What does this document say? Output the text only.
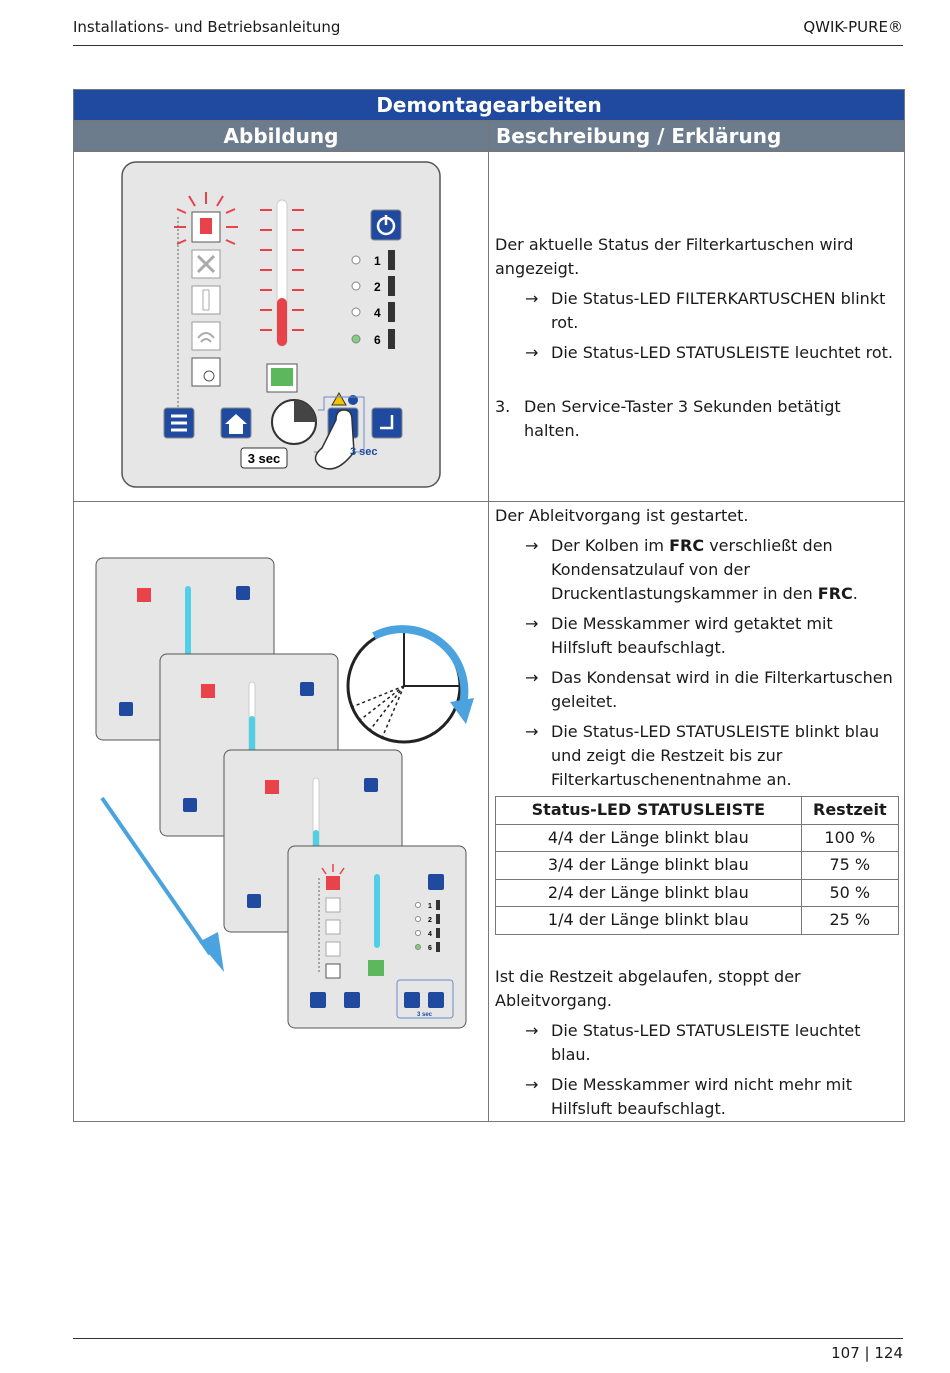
Installations- und Betriebsanleitung	QWIK-PURE®
Demontagearbeiten
Abbildung	Beschreibung / Erklärung

1
2
4
6
3 sec
3 sec

Der aktuelle Status der Filterkartuschen wird angezeigt.

→ Die Status-LED FILTERKARTUSCHEN blinkt rot.
→ Die Status-LED STATUSLEISTE leuchtet rot.
3. Den Service-Taster 3 Sekunden betätigt halten.

1
2
4
6
3 sec

Der Ableitvorgang ist gestartet.

→ Der Kolben im FRC verschließt den Kondensatzulauf von der Druckentlastungskammer in den FRC.
→ Die Messkammer wird getaktet mit Hilfsluft beaufschlagt.
→ Das Kondensat wird in die Filterkartuschen geleitet.
→ Die Status-LED STATUSLEISTE blinkt blau und zeigt die Restzeit bis zur Filterkartuschenentnahme an.
Status-LED STATUSLEISTE	Restzeit
4/4 der Länge blinkt blau	100 %
3/4 der Länge blinkt blau	75 %
2/4 der Länge blinkt blau	50 %
1/4 der Länge blinkt blau	25 %

Ist die Restzeit abgelaufen, stoppt der Ableitvorgang.

→ Die Status-LED STATUSLEISTE leuchtet blau.
→ Die Messkammer wird nicht mehr mit Hilfsluft beaufschlagt.
107 | 124
